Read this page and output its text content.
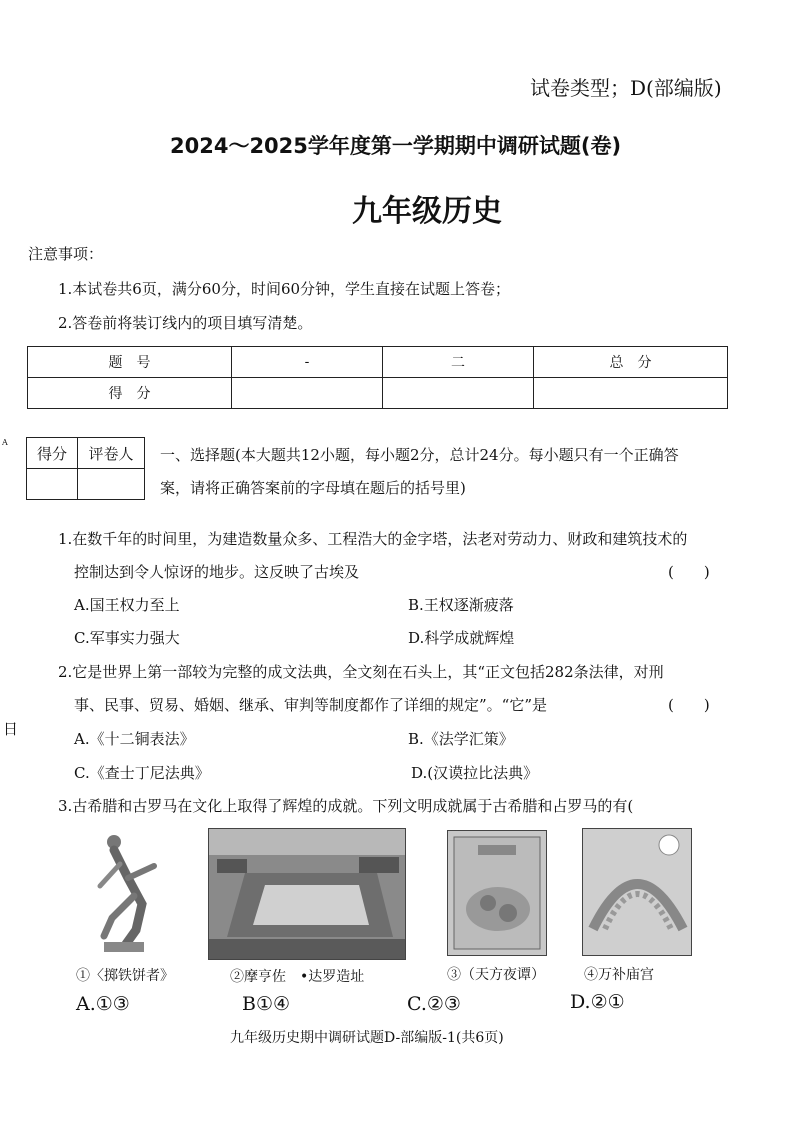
试卷类型；D(部编版)
2024～2025学年度第一学期期中调研试题(卷)
九年级历史
注意事项：
1.本试卷共6页，满分60分，时间60分钟，学生直接在试题上答卷；
2.答卷前将装订线内的项目填写清楚。
题　号	-	二	总　分
得　分			
A
日
得分	评卷人
	一、选择题(本大题共12小题，每小题2分，总计24分。每小题只有一个正确答
案，请将正确答案前的字母填在题后的括号里)
1.在数千年的时间里，为建造数量众多、工程浩大的金字塔，法老对劳动力、财政和建筑技术的
控制达到令人惊讶的地步。这反映了古埃及	(　　)
A.国王权力至上	B.王权逐渐疲落
C.军事实力强大	D.科学成就辉煌
2.它是世界上第一部较为完整的成文法典，全文刻在石头上，其“正文包括282条法律，对刑
事、民事、贸易、婚姻、继承、审判等制度都作了详细的规定”。“它”是	(　　)
A.《十二铜表法》	B.《法学汇策》
C.《查士丁尼法典》	D.(汉谟拉比法典》
3.古希腊和古罗马在文化上取得了辉煌的成就。下列文明成就属于古希腊和占罗马的有(
①〈掷铁饼者》	②摩亨佐　•达罗造址	③（天方夜谭）	④万补庙宫
A.①③	B①④	C.②③	D.②①
九年级历史期中调研试题D-部编版-1(共6页)
